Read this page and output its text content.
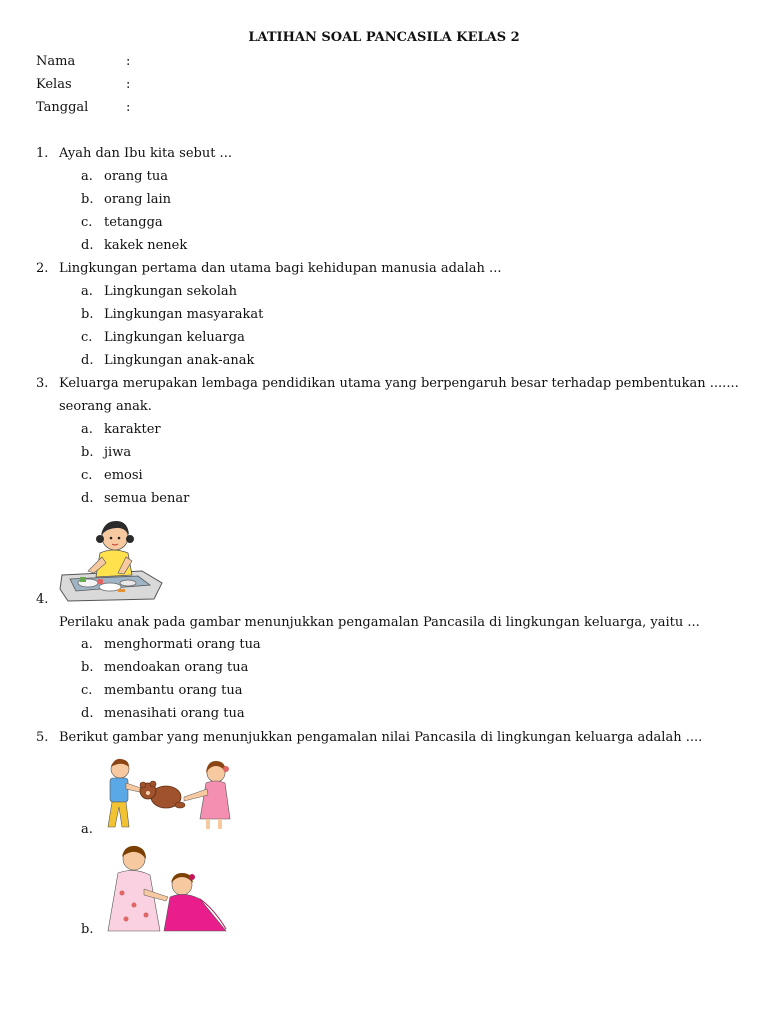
LATIHAN SOAL PANCASILA KELAS 2
Nama	:
Kelas	:
Tanggal	:
1. Ayah dan Ibu kita sebut ...
a. orang tua
b. orang lain
c. tetangga
d. kakek nenek
2. Lingkungan pertama dan utama bagi kehidupan manusia adalah ...
a. Lingkungan sekolah
b. Lingkungan masyarakat
c. Lingkungan keluarga
d. Lingkungan anak-anak
3. Keluarga merupakan lembaga pendidikan utama yang berpengaruh besar terhadap pembentukan .......
seorang anak.
a. karakter
b. jiwa
c. emosi
d. semua benar
4.
Perilaku anak pada gambar menunjukkan pengamalan Pancasila di lingkungan keluarga, yaitu ...
a. menghormati orang tua
b. mendoakan orang tua
c. membantu orang tua
d. menasihati orang tua
5. Berikut gambar yang menunjukkan pengamalan nilai Pancasila di lingkungan keluarga adalah ....
a.
b.
